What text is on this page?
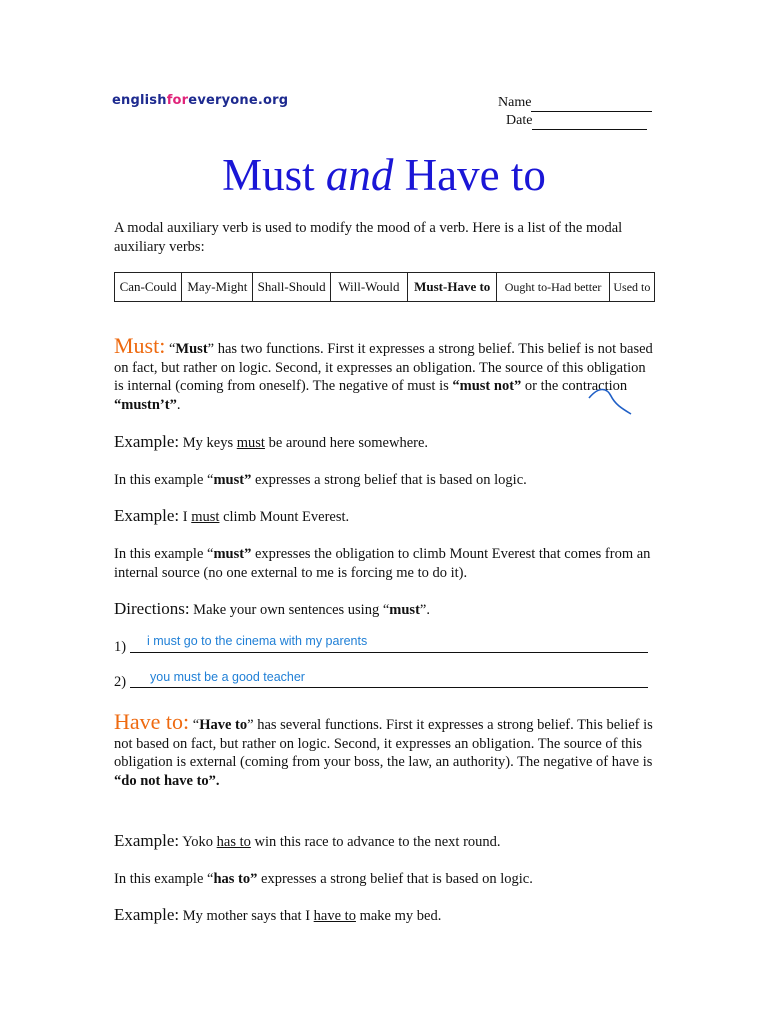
englishforeveryone.org	Name
Date
Must and Have to
A modal auxiliary verb is used to modify the mood of a verb. Here is a list of the modal auxiliary verbs:
Can-Could	May-Might	Shall-Should	Will-Would	Must-Have to	Ought to-Had better	Used to
Must: “Must” has two functions. First it expresses a strong belief. This belief is not based on fact, but rather on logic. Second, it expresses an obligation. The source of this obligation is internal (coming from oneself). The negative of must is “must not” or the contraction “mustn’t”.
Example: My keys must be around here somewhere.
In this example “must” expresses a strong belief that is based on logic.
Example: I must climb Mount Everest.
In this example “must” expresses the obligation to climb Mount Everest that comes from an internal source (no one external to me is forcing me to do it).
Directions: Make your own sentences using “must”.
1) i must go to the cinema with my parents
2) you must be a good teacher
Have to: “Have to” has several functions. First it expresses a strong belief. This belief is not based on fact, but rather on logic. Second, it expresses an obligation. The source of this obligation is external (coming from your boss, the law, an authority). The negative of have is “do not have to”.
Example: Yoko has to win this race to advance to the next round.
In this example “has to” expresses a strong belief that is based on logic.
Example: My mother says that I have to make my bed.
